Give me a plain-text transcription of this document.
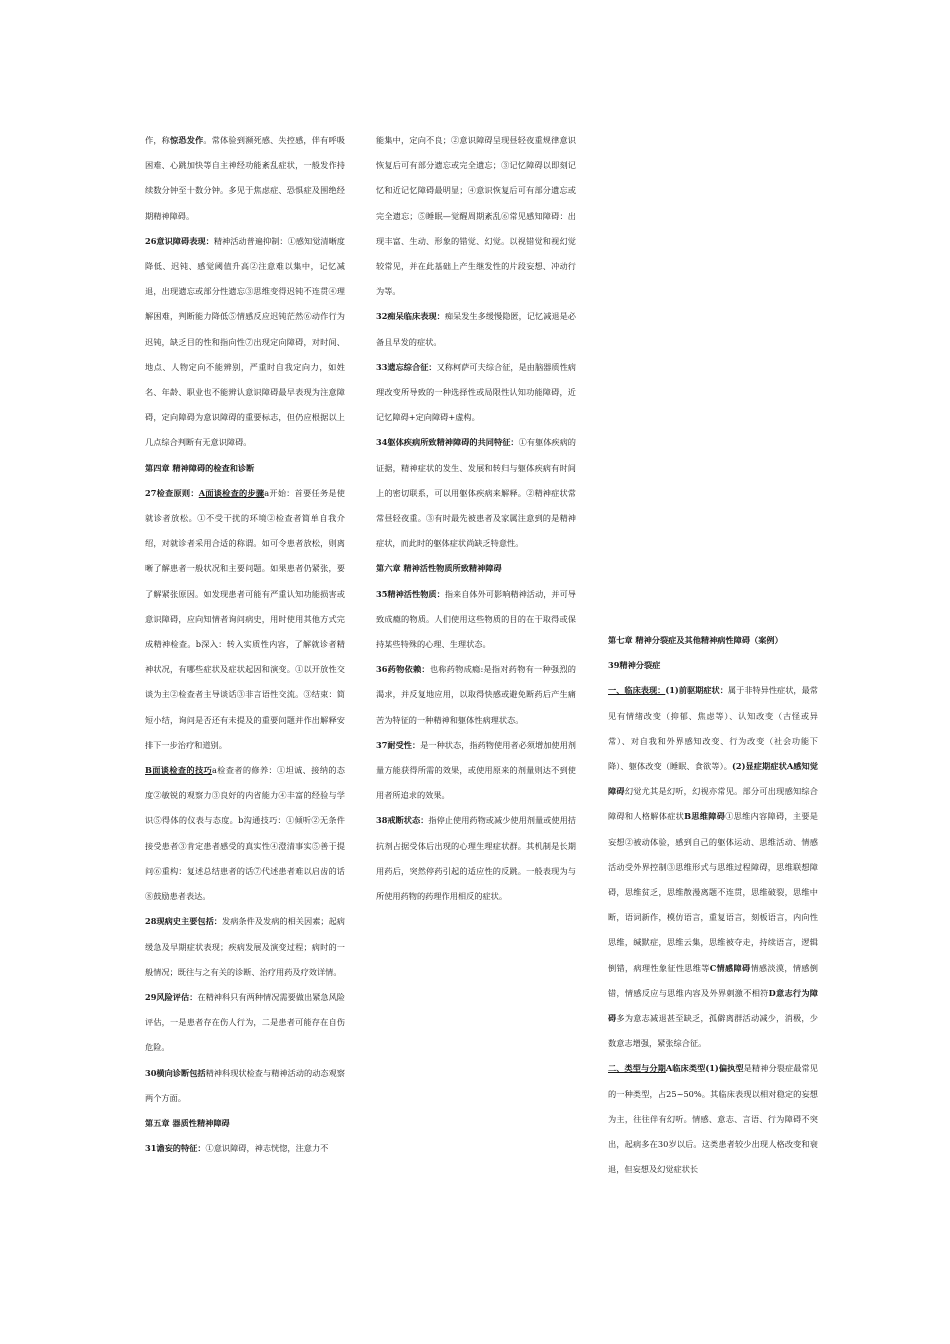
作，称惊恐发作。常体验到濒死感、失控感，伴有呼吸困难、心跳加快等自主神经功能紊乱症状，一般发作持续数分钟至十数分钟。多见于焦虑症、恐惧症及围绝经期精神障碍。

26意识障碍表现：精神活动普遍抑制：①感知觉清晰度降低、迟钝、感觉阈值升高②注意难以集中，记忆减退，出现遗忘或部分性遗忘③思维变得迟钝不连贯④理解困难，判断能力降低⑤情感反应迟钝茫然⑥动作行为迟钝，缺乏目的性和指向性⑦出现定向障碍，对时间、地点、人物定向不能辨别，严重时自我定向力，如姓名、年龄、职业也不能辨认意识障碍最早表现为注意障碍，定向障碍为意识障碍的重要标志，但仍应根据以上几点综合判断有无意识障碍。

第四章 精神障碍的检查和诊断

27检查原则：A面谈检查的步骤a开始：首要任务是使就诊者放松。①不受干扰的环境②检查者简单自我介绍，对就诊者采用合适的称谓。如可令患者放松，则离晰了解患者一般状况和主要问题。如果患者仍紧张，要了解紧张原因。如发现患者可能有严重认知功能损害或意识障碍，应向知情者询问病史，用时使用其他方式完成精神检查。b深入：转入实质性内容，了解就诊者精神状况，有哪些症状及症状起因和演变。①以开放性交谈为主②检查者主导谈话③非言语性交流。③结束：简短小结，询问是否还有未提及的重要问题并作出解释安排下一步治疗和道别。

B面谈检查的技巧a检查者的修养：①坦诚、接纳的态度②敏锐的观察力③良好的内省能力④丰富的经验与学识⑤得体的仪表与态度。b沟通技巧：①倾听②无条件接受患者③肯定患者感受的真实性④澄清事实⑤善于提问⑥重构：复述总结患者的话⑦代述患者难以启齿的话⑧鼓励患者表达。

28现病史主要包括：发病条件及发病的相关因素；起病缓急及早期症状表现；疾病发展及演变过程；病时的一般情况；既往与之有关的诊断、治疗用药及疗效详情。

29风险评估：在精神科只有两种情况需要做出紧急风险评估，一是患者存在伤人行为，二是患者可能存在自伤危险。

30横向诊断包括精神科现状检查与精神活动的动态观察两个方面。

第五章 器质性精神障碍

31谵妄的特征：①意识障碍，神志恍惚，注意力不

能集中，定向不良；②意识障碍呈现昼轻夜重规律意识恢复后可有部分遗忘或完全遗忘；③记忆障碍以即刻记忆和近记忆障碍最明显；④意识恢复后可有部分遗忘或完全遗忘；⑤睡眠—觉醒周期紊乱⑥常见感知障碍：出现丰富、生动、形象的错觉、幻觉。以视错觉和视幻觉较常见，并在此基础上产生继发性的片段妄想、冲动行为等。

32痴呆临床表现：痴呆发生多缓慢隐匿，记忆减退是必备且早发的症状。

33遗忘综合征：又称柯萨可夫综合征，是由脑器质性病理改变所导致的一种选择性或局限性认知功能障碍，近记忆障碍+定向障碍+虚构。

34躯体疾病所致精神障碍的共同特征：①有躯体疾病的证据，精神症状的发生、发展和转归与躯体疾病有时间上的密切联系，可以用躯体疾病来解释。②精神症状常常昼轻夜重。③有时最先被患者及家属注意到的是精神症状，而此时的躯体症状尚缺乏特意性。

第六章 精神活性物质所致精神障碍

35精神活性物质：指来自体外可影响精神活动，并可导致成瘾的物质。人们使用这些物质的目的在于取得或保持某些特殊的心理、生理状态。

36药物依赖：也称药物成瘾:是指对药物有一种强烈的渴求，并反复地应用，以取得快感或避免断药后产生痛苦为特征的一种精神和躯体性病理状态。

37耐受性：是一种状态，指药物使用者必须增加使用剂量方能获得所需的效果，或使用原来的剂量则达不到使用者所追求的效果。

38戒断状态：指停止使用药物或减少使用剂量或使用拮抗剂占据受体后出现的心理生理症状群。其机制是长期用药后，突然停药引起的适应性的反跳。一般表现为与所使用药物的药理作用相反的症状。

第七章 精神分裂症及其他精神病性障碍（案例）

39精神分裂症

一、临床表现：(1)前驱期症状：属于非特异性症状，最常见有情绪改变（抑郁、焦虑等）、认知改变（古怪或异常）、对自我和外界感知改变、行为改变（社会功能下降）、躯体改变（睡眠、食欲等）。(2)显症期症状A感知觉障碍幻觉尤其是幻听，幻视亦常见。部分可出现感知综合障碍和人格解体症状B思维障碍①思维内容障碍，主要是妄想②被动体验，感到自己的躯体运动、思维活动、情感活动受外界控制③思维形式与思维过程障碍，思维联想障碍，思维贫乏，思维散漫离题不连贯，思维破裂，思维中断，语词新作，模仿语言，重复语言，刻板语言，内向性思维，缄默症，思维云集，思维被夺走，持续语言，逻辑倒错，病理性象征性思维等C情感障碍情感淡漠，情感倒错，情感反应与思维内容及外界刺激不相符D意志行为障碍多为意志减退甚至缺乏，孤僻离群活动减少，消极，少数意志增强，紧张综合征。

二、类型与分期A临床类型(1)偏执型是精神分裂症最常见的一种类型，占25~50%。其临床表现以相对稳定的妄想为主，往往伴有幻听。情感、意志、言语、行为障碍不突出，起病多在30岁以后。这类患者较少出现人格改变和衰退，但妄想及幻觉症状长
